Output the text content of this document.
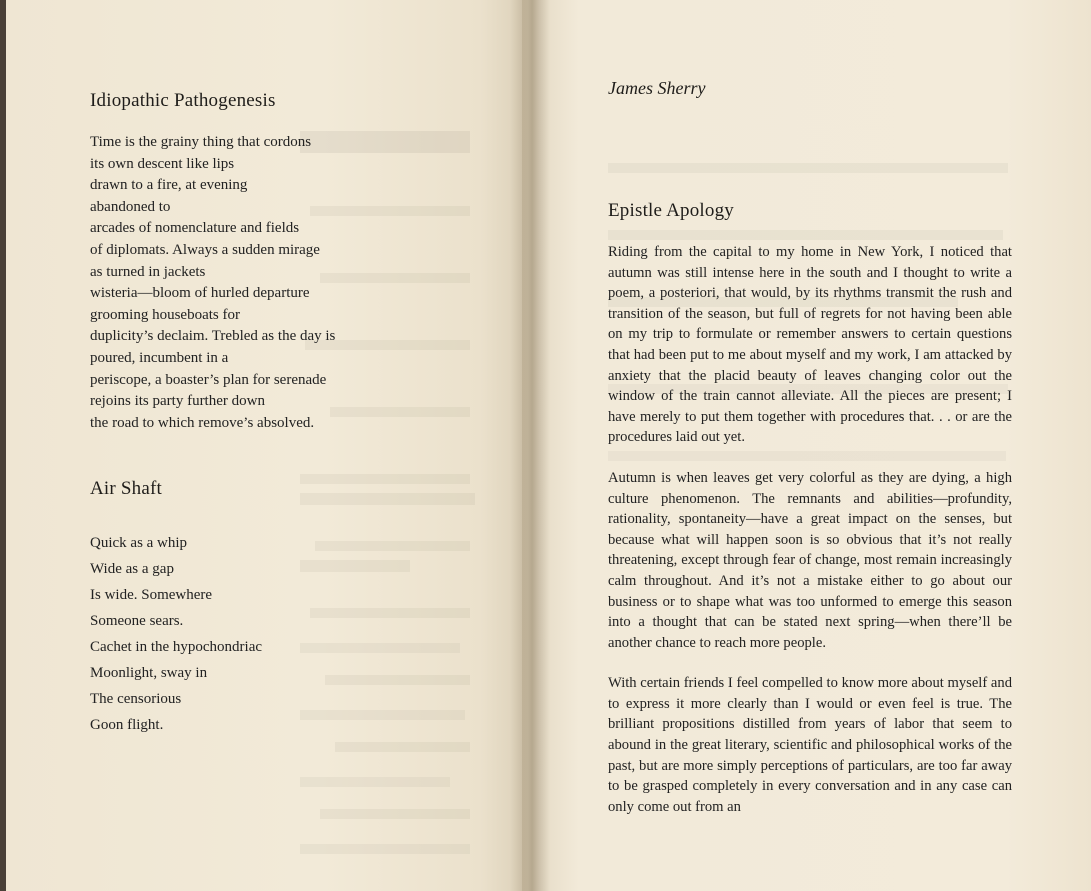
Idiopathic Pathogenesis
Time is the grainy thing that cordons
its own descent like lips
drawn to a fire, at evening
abandoned to
arcades of nomenclature and fields
of diplomats. Always a sudden mirage
as turned in jackets
wisteria—bloom of hurled departure
grooming houseboats for
duplicity’s declaim. Trebled as the day is
poured, incumbent in a
periscope, a boaster’s plan for serenade
rejoins its party further down
the road to which remove’s absolved.
Air Shaft
Quick as a whip
Wide as a gap
Is wide. Somewhere
Someone sears.
Cachet in the hypochondriac
Moonlight, sway in
The censorious
Goon flight.

James Sherry
Epistle Apology

Riding from the capital to my home in New York, I noticed that autumn was still intense here in the south and I thought to write a poem, a posteriori, that would, by its rhythms transmit the rush and transition of the season, but full of regrets for not having been able on my trip to formulate or remember answers to certain questions that had been put to me about myself and my work, I am attacked by anxiety that the placid beauty of leaves changing color out the window of the train cannot alleviate. All the pieces are present; I have merely to put them together with procedures that. . . or are the procedures laid out yet.

Autumn is when leaves get very colorful as they are dying, a high culture phenomenon. The remnants and abilities—profundity, rationality, spontaneity—have a great impact on the senses, but because what will happen soon is so obvious that it’s not really threatening, except through fear of change, most remain increasingly calm throughout. And it’s not a mistake either to go about our business or to shape what was too unformed to emerge this season into a thought that can be stated next spring—when there’ll be another chance to reach more people.

With certain friends I feel compelled to know more about myself and to express it more clearly than I would or even feel is true. The brilliant propositions distilled from years of labor that seem to abound in the great literary, scientific and philosophical works of the past, but are more simply perceptions of particulars, are too far away to be grasped completely in every conversation and in any case can only come out from an
